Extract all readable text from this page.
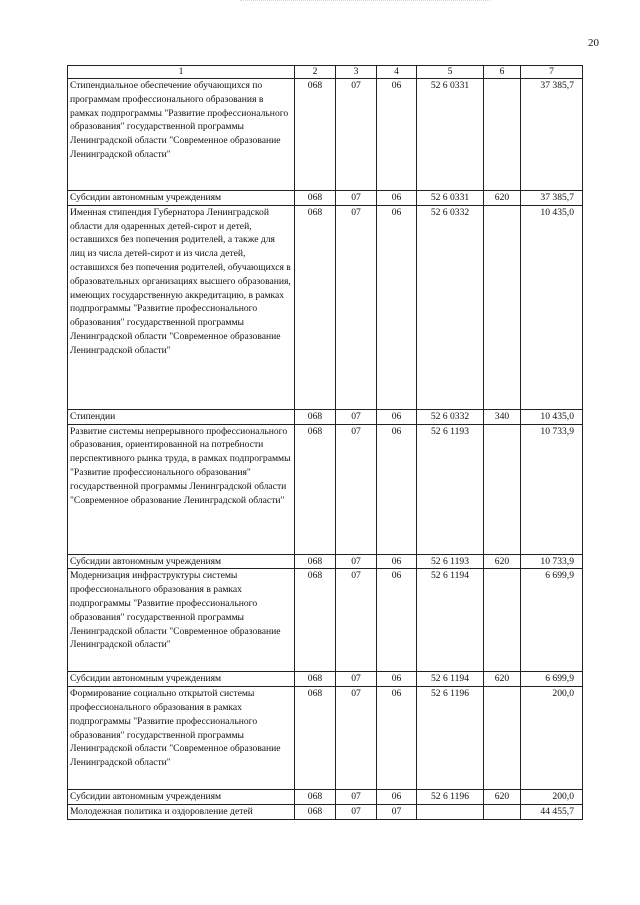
20
1	2	3	4	5	6	7
Стипендиальное обеспечение обучающихся по программам профессионального образования в рамках подпрограммы "Развитие профессионального образования" государственной программы Ленинградской области "Современное образование Ленинградской области"	068	07	06	52 6 0331		37 385,7
Субсидии автономным учреждениям	068	07	06	52 6 0331	620	37 385,7
Именная стипендия Губернатора Ленинградской области для одаренных детей-сирот и детей, оставшихся без попечения родителей, а также для лиц из числа детей-сирот и из числа детей, оставшихся без попечения родителей, обучающихся в образовательных организациях высшего образования, имеющих государственную аккредитацию, в рамках подпрограммы "Развитие профессионального образования" государственной программы Ленинградской области "Современное образование Ленинградской области"	068	07	06	52 6 0332		10 435,0
Стипендии	068	07	06	52 6 0332	340	10 435,0
Развитие системы непрерывного профессионального образования, ориентированной на потребности перспективного рынка труда, в рамках подпрограммы "Развитие профессионального образования" государственной программы Ленинградской области "Современное образование Ленинградской области"	068	07	06	52 6 1193		10 733,9
Субсидии автономным учреждениям	068	07	06	52 6 1193	620	10 733,9
Модернизация инфраструктуры системы профессионального образования в рамках подпрограммы "Развитие профессионального образования" государственной программы Ленинградской области "Современное образование Ленинградской области"	068	07	06	52 6 1194		6 699,9
Субсидии автономным учреждениям	068	07	06	52 6 1194	620	6 699,9
Формирование социально открытой системы профессионального образования в рамках подпрограммы "Развитие профессионального образования" государственной программы Ленинградской области "Современное образование Ленинградской области"	068	07	06	52 6 1196		200,0
Субсидии автономным учреждениям	068	07	06	52 6 1196	620	200,0
Молодежная политика и оздоровление детей	068	07	07			44 455,7
